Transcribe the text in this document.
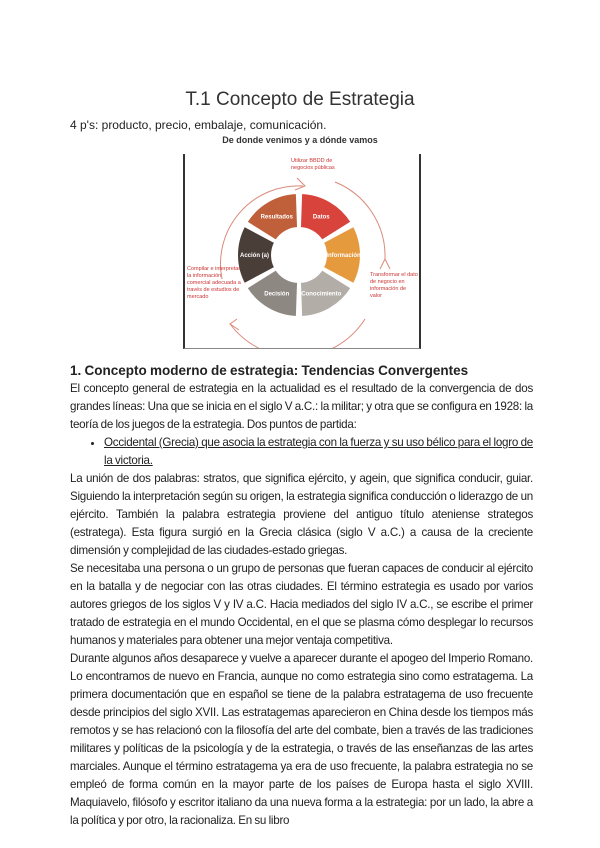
T.1 Concepto de Estrategia
4 p's: producto, precio, embalaje, comunicación.
De donde venimos y a dónde vamos
Resultados	Datos
Información
Conocimiento
Decisión
Acción (a)
Compilar e interpretar la información comercial adecuada a través de estudios de mercado
Transformar el dato de negocio en información de valor
Utilizar BBDD de negocios públicas
1. Concepto moderno de estrategia: Tendencias Convergentes

El concepto general de estrategia en la actualidad es el resultado de la convergencia de dos grandes líneas: Una que se inicia en el siglo V a.C.: la militar; y otra que se configura en 1928: la teoría de los juegos de la estrategia. Dos puntos de partida:

• Occidental (Grecia) que asocia la estrategia con la fuerza y su uso bélico para el logro de la victoria.

La unión de dos palabras: stratos, que significa ejército, y agein, que significa conducir, guiar. Siguiendo la interpretación según su origen, la estrategia significa conducción o liderazgo de un ejército. También la palabra estrategia proviene del antiguo título ateniense strategos (estratega). Esta figura surgió en la Grecia clásica (siglo V a.C.) a causa de la creciente dimensión y complejidad de las ciudades-estado griegas.

Se necesitaba una persona o un grupo de personas que fueran capaces de conducir al ejército en la batalla y de negociar con las otras ciudades. El término estrategia es usado por varios autores griegos de los siglos V y IV a.C. Hacia mediados del siglo IV a.C., se escribe el primer tratado de estrategia en el mundo Occidental, en el que se plasma cómo desplegar lo recursos humanos y materiales para obtener una mejor ventaja competitiva.

Durante algunos años desaparece y vuelve a aparecer durante el apogeo del Imperio Romano. Lo encontramos de nuevo en Francia, aunque no como estrategia sino como estratagema. La primera documentación que en español se tiene de la palabra estratagema de uso frecuente desde principios del siglo XVII. Las estratagemas aparecieron en China desde los tiempos más remotos y se has relacionó con la filosofía del arte del combate, bien a través de las tradiciones militares y políticas de la psicología y de la estrategia, o través de las enseñanzas de las artes marciales. Aunque el término estratagema ya era de uso frecuente, la palabra estrategia no se empleó de forma común en la mayor parte de los países de Europa hasta el siglo XVIII. Maquiavelo, filósofo y escritor italiano da una nueva forma a la estrategia: por un lado, la abre a la política y por otro, la racionaliza. En su libro
